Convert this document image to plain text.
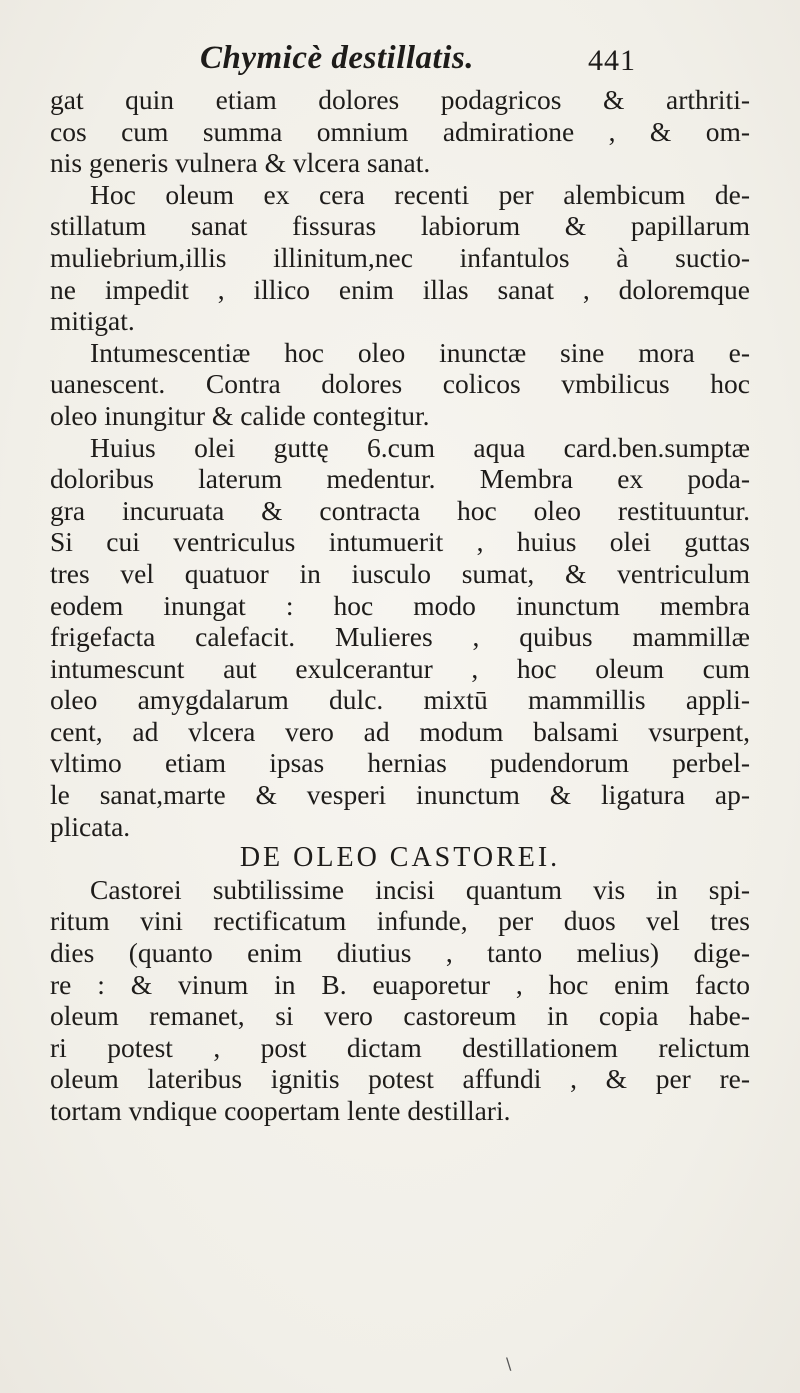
Chymicè destillatis.	441
gat quin etiam dolores podagricos & arthriti-
cos cum summa omnium admiratione , & om-
nis generis vulnera & vlcera sanat.
Hoc oleum ex cera recenti per alembicum de-
stillatum sanat fissuras labiorum & papillarum
muliebrium,illis illinitum,nec infantulos à suctio-
ne impedit , illico enim illas sanat , doloremque
mitigat.
Intumescentiæ hoc oleo inunctæ sine mora e-
uanescent. Contra dolores colicos vmbilicus hoc
oleo inungitur & calide contegitur.
Huius olei guttę 6.cum aqua card.ben.sumptæ
doloribus laterum medentur. Membra ex poda-
gra incuruata & contracta hoc oleo restituuntur.
Si cui ventriculus intumuerit , huius olei guttas
tres vel quatuor in iusculo sumat, & ventriculum
eodem inungat : hoc modo inunctum membra
frigefacta calefacit. Mulieres , quibus mammillæ
intumescunt aut exulcerantur , hoc oleum cum
oleo amygdalarum dulc. mixtū mammillis appli-
cent, ad vlcera vero ad modum balsami vsurpent,
vltimo etiam ipsas hernias pudendorum perbel-
le sanat,marte & vesperi inunctum & ligatura ap-
plicata.
DE OLEO CASTOREI.
Castorei subtilissime incisi quantum vis in spi-
ritum vini rectificatum infunde, per duos vel tres
dies (quanto enim diutius , tanto melius) dige-
re : & vinum in B. euaporetur , hoc enim facto
oleum remanet, si vero castoreum in copia habe-
ri potest , post dictam destillationem relictum
oleum lateribus ignitis potest affundi , & per re-
tortam vndique coopertam lente destillari.
\
